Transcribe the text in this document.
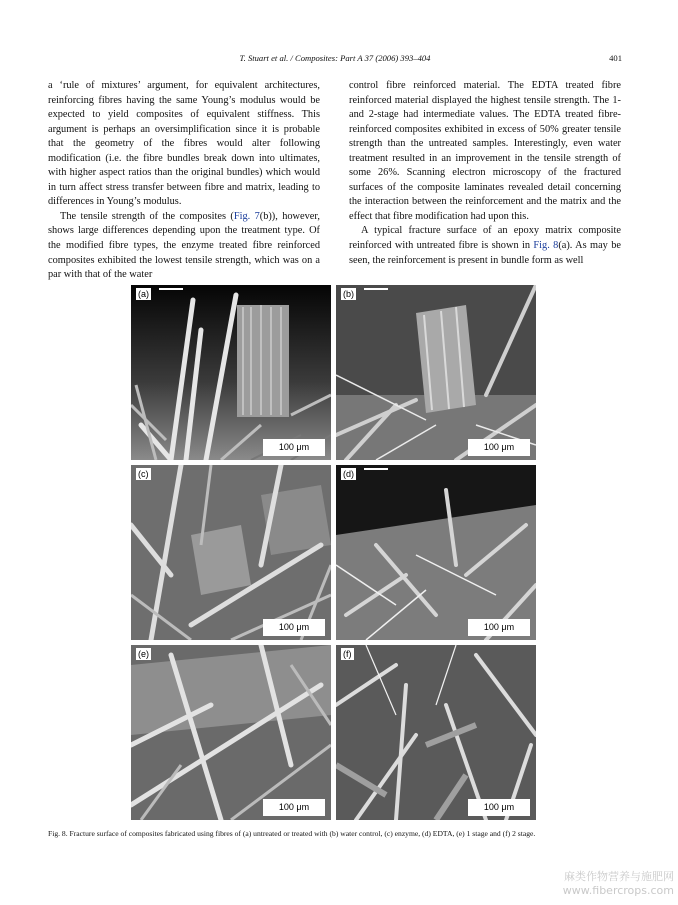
T. Stuart et al. / Composites: Part A 37 (2006) 393–404	401

a ‘rule of mixtures’ argument, for equivalent architectures, reinforcing fibres having the same Young’s modulus would be expected to yield composites of equivalent stiffness. This argument is perhaps an oversimplification since it is probable that the geometry of the fibres would alter following modification (i.e. the fibre bundles break down into ultimates, with higher aspect ratios than the original bundles) which would in turn affect stress transfer between fibre and matrix, leading to differences in Young’s modulus.

The tensile strength of the composites (Fig. 7(b)), however, shows large differences depending upon the treatment type. Of the modified fibre types, the enzyme treated fibre reinforced composites exhibited the lowest tensile strength, which was on a par with that of the water

control fibre reinforced material. The EDTA treated fibre reinforced material displayed the highest tensile strength. The 1- and 2-stage had intermediate values. The EDTA treated fibre-reinforced composites exhibited in excess of 50% greater tensile strength than the untreated samples. Interestingly, even water treatment resulted in an improvement in the tensile strength of some 26%. Scanning electron microscopy of the fractured surfaces of the composite laminates revealed detail concerning the interaction between the reinforcement and the matrix and the effect that fibre modification had upon this.

A typical fracture surface of an epoxy matrix composite reinforced with untreated fibre is shown in Fig. 8(a). As may be seen, the reinforcement is present in bundle form as well

(a)
100 μm
(b)
100 μm
(c)
100 μm
(d)
100 μm
(e)
100 μm
(f)
100 μm
Fig. 8. Fracture surface of composites fabricated using fibres of (a) untreated or treated with (b) water control, (c) enzyme, (d) EDTA, (e) 1 stage and (f) 2 stage.
麻类作物营养与施肥网
www.fibercrops.com
